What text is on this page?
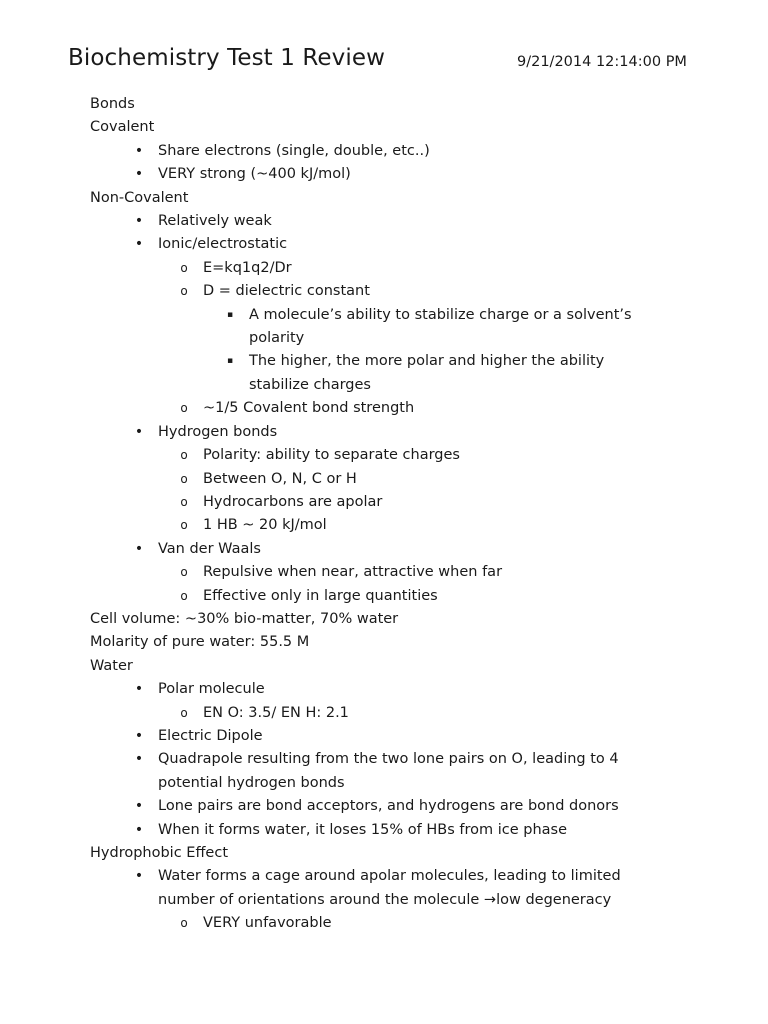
Biochemistry Test 1 Review	9/21/2014 12:14:00 PM
Bonds
Covalent
• Share electrons (single, double, etc..)
• VERY strong (~400 kJ/mol)
Non-Covalent
• Relatively weak
• Ionic/electrostatic
o E=kq1q2/Dr
o D = dielectric constant
▪ A molecule’s ability to stabilize charge or a solvent’s
polarity
▪ The higher, the more polar and higher the ability
stabilize charges
o ~1/5 Covalent bond strength
• Hydrogen bonds
o Polarity: ability to separate charges
o Between O, N, C or H
o Hydrocarbons are apolar
o 1 HB ~ 20 kJ/mol
• Van der Waals
o Repulsive when near, attractive when far
o Effective only in large quantities
Cell volume: ~30% bio-matter, 70% water
Molarity of pure water: 55.5 M
Water
• Polar molecule
o EN O: 3.5/ EN H: 2.1
• Electric Dipole
• Quadrapole resulting from the two lone pairs on O, leading to 4
potential hydrogen bonds
• Lone pairs are bond acceptors, and hydrogens are bond donors
• When it forms water, it loses 15% of HBs from ice phase
Hydrophobic Effect
• Water forms a cage around apolar molecules, leading to limited
number of orientations around the molecule →low degeneracy
o VERY unfavorable
